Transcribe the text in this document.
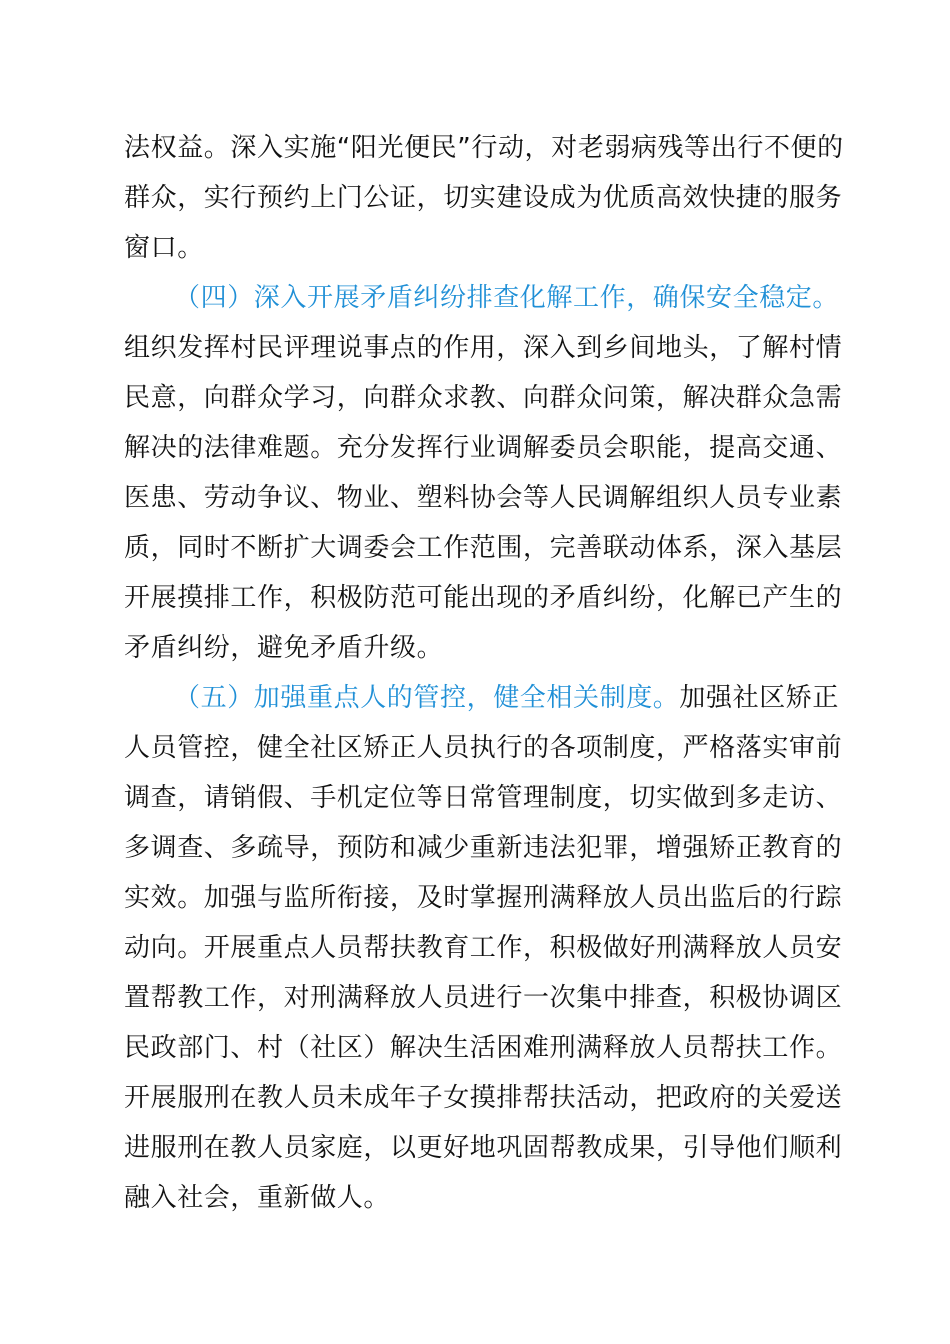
法权益。深入实施“阳光便民”行动，对老弱病残等出行不便的
群众，实行预约上门公证，切实建设成为优质高效快捷的服务
窗口。
（四）深入开展矛盾纠纷排查化解工作，确保安全稳定。
组织发挥村民评理说事点的作用，深入到乡间地头，了解村情
民意，向群众学习，向群众求教、向群众问策，解决群众急需
解决的法律难题。充分发挥行业调解委员会职能，提高交通、
医患、劳动争议、物业、塑料协会等人民调解组织人员专业素
质，同时不断扩大调委会工作范围，完善联动体系，深入基层
开展摸排工作，积极防范可能出现的矛盾纠纷，化解已产生的
矛盾纠纷，避免矛盾升级。
（五）加强重点人的管控，健全相关制度。加强社区矫正
人员管控，健全社区矫正人员执行的各项制度，严格落实审前
调查，请销假、手机定位等日常管理制度，切实做到多走访、
多调查、多疏导，预防和减少重新违法犯罪，增强矫正教育的
实效。加强与监所衔接，及时掌握刑满释放人员出监后的行踪
动向。开展重点人员帮扶教育工作，积极做好刑满释放人员安
置帮教工作，对刑满释放人员进行一次集中排查，积极协调区
民政部门、村（社区）解决生活困难刑满释放人员帮扶工作。
开展服刑在教人员未成年子女摸排帮扶活动，把政府的关爱送
进服刑在教人员家庭，以更好地巩固帮教成果，引导他们顺利
融入社会，重新做人。
